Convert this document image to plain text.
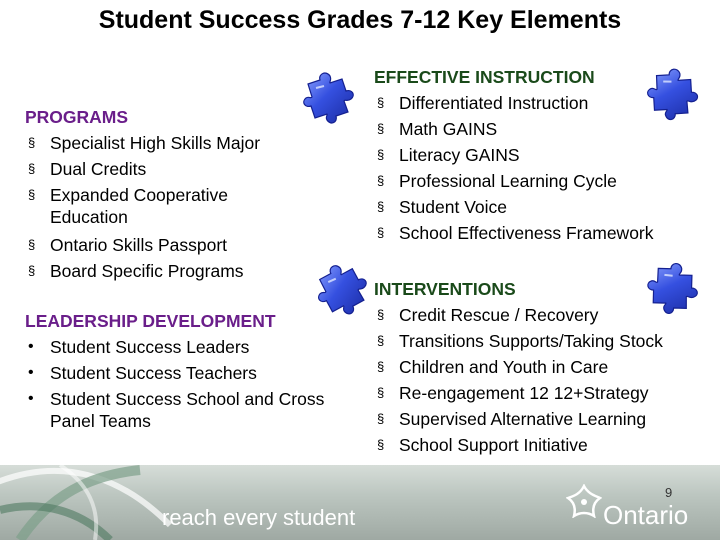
Student Success Grades 7-12 Key Elements
PROGRAMS
§ Specialist High Skills Major
§ Dual Credits
§ Expanded Cooperative Education
§ Ontario Skills Passport
§ Board Specific Programs
LEADERSHIP DEVELOPMENT
• Student Success Leaders
• Student Success Teachers
• Student Success School and Cross Panel Teams
EFFECTIVE INSTRUCTION
§ Differentiated Instruction
§ Math GAINS
§ Literacy GAINS
§ Professional Learning Cycle
§ Student Voice
§ School Effectiveness Framework
INTERVENTIONS
§ Credit Rescue / Recovery
§ Transitions Supports/Taking Stock
§ Children and Youth in Care
§ Re-engagement 12 12+Strategy
§ Supervised Alternative Learning
§ School Support Initiative
reach every student
9
Ontario
